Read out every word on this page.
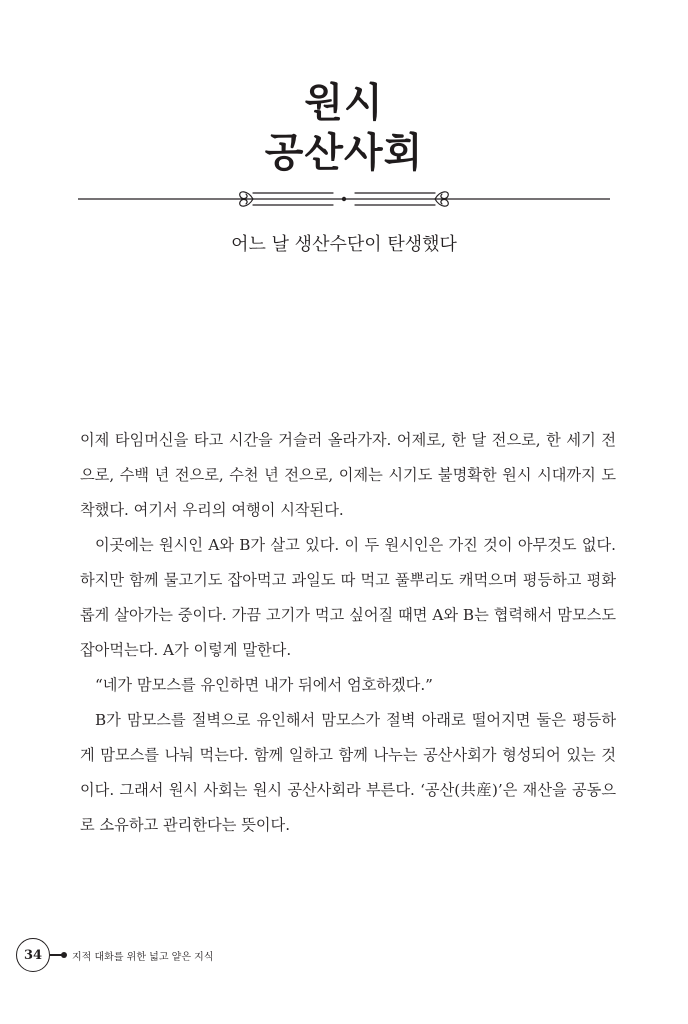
원시
공산사회
어느 날 생산수단이 탄생했다

이제 타임머신을 타고 시간을 거슬러 올라가자. 어제로, 한 달 전으로, 한 세기 전으로, 수백 년 전으로, 수천 년 전으로, 이제는 시기도 불명확한 원시 시대까지 도착했다. 여기서 우리의 여행이 시작된다.

이곳에는 원시인 A와 B가 살고 있다. 이 두 원시인은 가진 것이 아무것도 없다. 하지만 함께 물고기도 잡아먹고 과일도 따 먹고 풀뿌리도 캐먹으며 평등하고 평화롭게 살아가는 중이다. 가끔 고기가 먹고 싶어질 때면 A와 B는 협력해서 맘모스도 잡아먹는다. A가 이렇게 말한다.

“네가 맘모스를 유인하면 내가 뒤에서 엄호하겠다.”

B가 맘모스를 절벽으로 유인해서 맘모스가 절벽 아래로 떨어지면 둘은 평등하게 맘모스를 나눠 먹는다. 함께 일하고 함께 나누는 공산사회가 형성되어 있는 것이다. 그래서 원시 사회는 원시 공산사회라 부른다. ‘공산(共産)’은 재산을 공동으로 소유하고 관리한다는 뜻이다.

34	지적 대화를 위한 넓고 얕은 지식
